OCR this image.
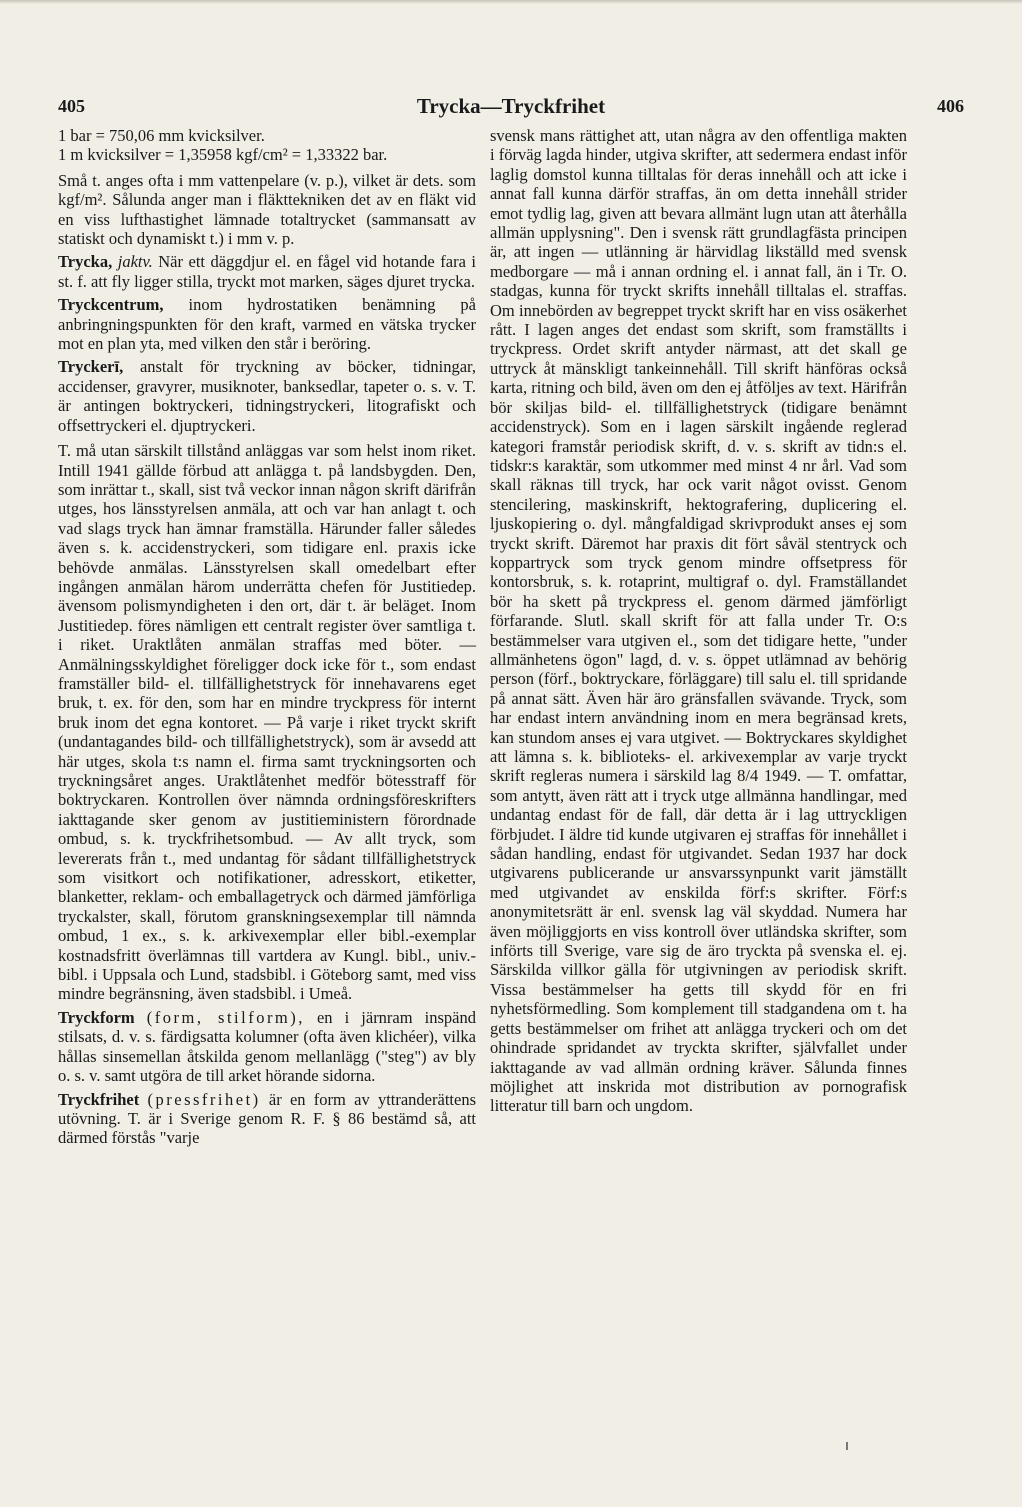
405	Trycka—Tryckfrihet	406

1 bar = 750,06 mm kvicksilver.

1 m kvicksilver = 1,35958 kgf/cm² = 1,33322 bar.

Små t. anges ofta i mm vattenpelare (v. p.), vilket är dets. som kgf/m². Sålunda anger man i fläkttekniken det av en fläkt vid en viss lufthastighet lämnade totaltrycket (sammansatt av statiskt och dynamiskt t.) i mm v. p.

Trycka, jaktv. När ett däggdjur el. en fågel vid hotande fara i st. f. att fly ligger stilla, tryckt mot marken, säges djuret trycka.

Tryckcentrum, inom hydrostatiken benämning på anbringningspunkten för den kraft, varmed en vätska trycker mot en plan yta, med vilken den står i beröring.

Tryckerī, anstalt för tryckning av böcker, tidningar, accidenser, gravyrer, musiknoter, banksedlar, tapeter o. s. v. T. är antingen boktryckeri, tidningstryckeri, litografiskt och offsettryckeri el. djuptryckeri.

T. må utan särskilt tillstånd anläggas var som helst inom riket. Intill 1941 gällde förbud att anlägga t. på landsbygden. Den, som inrättar t., skall, sist två veckor innan någon skrift därifrån utges, hos länsstyrelsen anmäla, att och var han anlagt t. och vad slags tryck han ämnar framställa. Härunder faller således även s. k. accidenstryckeri, som tidigare enl. praxis icke behövde anmälas. Länsstyrelsen skall omedelbart efter ingången anmälan härom underrätta chefen för Justitiedep. ävensom polismyndigheten i den ort, där t. är beläget. Inom Justitiedep. föres nämligen ett centralt register över samtliga t. i riket. Uraktlåten anmälan straffas med böter. — Anmälningsskyldighet föreligger dock icke för t., som endast framställer bild- el. tillfällighetstryck för innehavarens eget bruk, t. ex. för den, som har en mindre tryckpress för internt bruk inom det egna kontoret. — På varje i riket tryckt skrift (undantagandes bild- och tillfällighetstryck), som är avsedd att här utges, skola t:s namn el. firma samt tryckningsorten och tryckningsåret anges. Uraktlåtenhet medför bötesstraff för boktryckaren. Kontrollen över nämnda ordningsföreskrifters iakttagande sker genom av justitieministern förordnade ombud, s. k. tryckfrihetsombud. — Av allt tryck, som levererats från t., med undantag för sådant tillfällighetstryck som visitkort och notifikationer, adresskort, etiketter, blanketter, reklam- och emballagetryck och därmed jämförliga tryckalster, skall, förutom granskningsexemplar till nämnda ombud, 1 ex., s. k. arkivexemplar eller bibl.-exemplar kostnadsfritt överlämnas till vartdera av Kungl. bibl., univ.-bibl. i Uppsala och Lund, stadsbibl. i Göteborg samt, med viss mindre begränsning, även stadsbibl. i Umeå.

Tryckform (form, stilform), en i järnram inspänd stilsats, d. v. s. färdigsatta kolumner (ofta även klichéer), vilka hållas sinsemellan åtskilda genom mellanlägg ("steg") av bly o. s. v. samt utgöra de till arket hörande sidorna.

Tryckfrihet (pressfrihet) är en form av yttranderättens utövning. T. är i Sverige genom R. F. § 86 bestämd så, att därmed förstås "varje

svensk mans rättighet att, utan några av den offentliga makten i förväg lagda hinder, utgiva skrifter, att sedermera endast inför laglig domstol kunna tilltalas för deras innehåll och att icke i annat fall kunna därför straffas, än om detta innehåll strider emot tydlig lag, given att bevara allmänt lugn utan att återhålla allmän upplysning". Den i svensk rätt grundlagfästa principen är, att ingen — utlänning är härvidlag likställd med svensk medborgare — må i annan ordning el. i annat fall, än i Tr. O. stadgas, kunna för tryckt skrifts innehåll tilltalas el. straffas. Om innebörden av begreppet tryckt skrift har en viss osäkerhet rått. I lagen anges det endast som skrift, som framställts i tryckpress. Ordet skrift antyder närmast, att det skall ge uttryck åt mänskligt tankeinnehåll. Till skrift hänföras också karta, ritning och bild, även om den ej åtföljes av text. Härifrån bör skiljas bild- el. tillfällighetstryck (tidigare benämnt accidenstryck). Som en i lagen särskilt ingående reglerad kategori framstår periodisk skrift, d. v. s. skrift av tidn:s el. tidskr:s karaktär, som utkommer med minst 4 nr årl. Vad som skall räknas till tryck, har ock varit något ovisst. Genom stencilering, maskinskrift, hektografering, duplicering el. ljuskopiering o. dyl. mångfaldigad skrivprodukt anses ej som tryckt skrift. Däremot har praxis dit fört såväl stentryck och koppartryck som tryck genom mindre offsetpress för kontorsbruk, s. k. rotaprint, multigraf o. dyl. Framställandet bör ha skett på tryckpress el. genom därmed jämförligt förfarande. Slutl. skall skrift för att falla under Tr. O:s bestämmelser vara utgiven el., som det tidigare hette, "under allmänhetens ögon" lagd, d. v. s. öppet utlämnad av behörig person (förf., boktryckare, förläggare) till salu el. till spridande på annat sätt. Även här äro gränsfallen svävande. Tryck, som har endast intern användning inom en mera begränsad krets, kan stundom anses ej vara utgivet. — Boktryckares skyldighet att lämna s. k. biblioteks- el. arkivexemplar av varje tryckt skrift regleras numera i särskild lag 8/4 1949. — T. omfattar, som antytt, även rätt att i tryck utge allmänna handlingar, med undantag endast för de fall, där detta är i lag uttryckligen förbjudet. I äldre tid kunde utgivaren ej straffas för innehållet i sådan handling, endast för utgivandet. Sedan 1937 har dock utgivarens publicerande ur ansvarssynpunkt varit jämställt med utgivandet av enskilda förf:s skrifter. Förf:s anonymitetsrätt är enl. svensk lag väl skyddad. Numera har även möjliggjorts en viss kontroll över utländska skrifter, som införts till Sverige, vare sig de äro tryckta på svenska el. ej. Särskilda villkor gälla för utgivningen av periodisk skrift. Vissa bestämmelser ha getts till skydd för en fri nyhetsförmedling. Som komplement till stadgandena om t. ha getts bestämmelser om frihet att anlägga tryckeri och om det ohindrade spridandet av tryckta skrifter, självfallet under iakttagande av vad allmän ordning kräver. Sålunda finnes möjlighet att inskrida mot distribution av pornografisk litteratur till barn och ungdom.
